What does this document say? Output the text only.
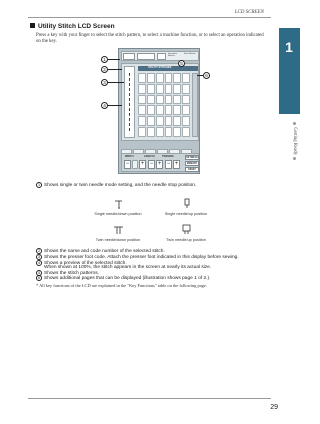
LCD SCREEN
1
Getting Ready
Utility Stitch LCD Screen
Press a key with your finger to select the stitch pattern, to select a machine function, or to select an operation indicated on the key.
Decorative Stitches
Satin Stitches
UTILITY STITCHES
WIDTH	LENGTH	TENSION
− + − + − +
RETRIEVE
MEMORY
RESET
1
2
3
4
5
6
1 Shows single or twin needle mode setting, and the needle stop position.
Single needle/down position	Single needle/up position
Twin needle/down position	Twin needle/up position
2 Shows the name and code number of the selected stitch.
3 Shows the presser foot code. Attach the presser foot indicated in this display before sewing.
4 Shows a preview of the selected stitch.
When shown at 100%, the stitch appears in the screen at nearly its actual size.
5 Shows the stitch patterns.
6 Shows additional pages that can be displayed (illustration shows page 1 of 2.).
* All key functions of the LCD are explained in the "Key Functions" table on the following page.
29
